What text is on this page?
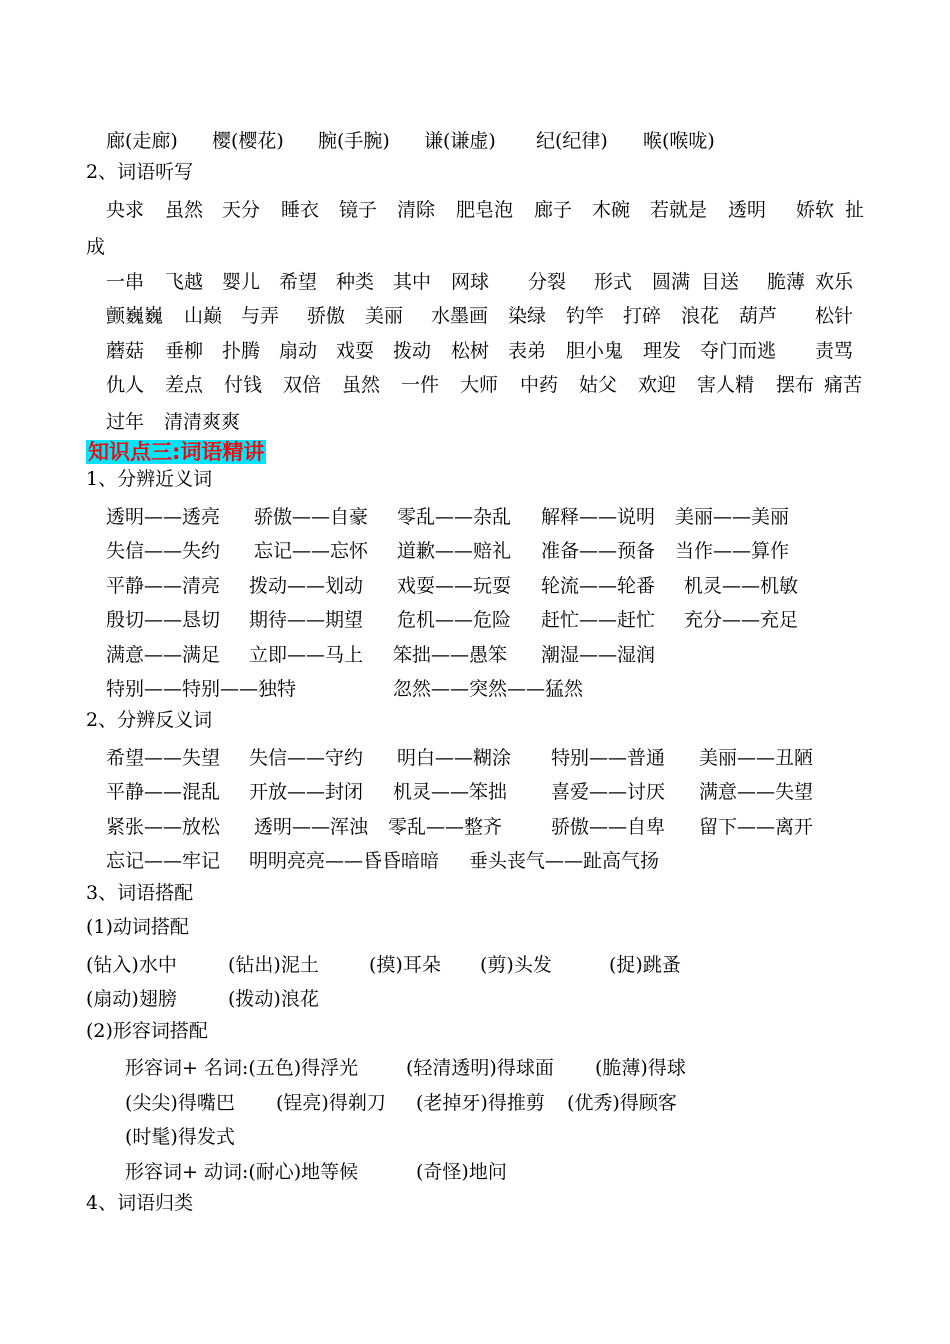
廊(走廊) 樱(樱花) 腕(手腕) 谦(谦虚) 纪(纪律) 喉(喉咙)
2、词语听写
央求 虽然 天分 睡衣 镜子 清除 肥皂泡 廊子 木碗 若就是 透明 娇软 扯
成
一串 飞越 婴儿 希望 种类 其中 网球 分裂 形式 圆满 目送 脆薄 欢乐
颤巍巍 山巅 与弄 骄傲 美丽 水墨画 染绿 钓竿 打碎 浪花 葫芦 松针
蘑菇 垂柳 扑腾 扇动 戏耍 拨动 松树 表弟 胆小鬼 理发 夺门而逃 责骂
仇人 差点 付钱 双倍 虽然 一件 大师 中药 姑父 欢迎 害人精 摆布 痛苦
过年 清清爽爽
知识点三:词语精讲
1、分辨近义词
透明——透亮 骄傲——自豪 零乱——杂乱 解释——说明 美丽——美丽
失信——失约 忘记——忘怀 道歉——赔礼 准备——预备 当作——算作
平静——清亮 拨动——划动 戏耍——玩耍 轮流——轮番 机灵——机敏
殷切——恳切 期待——期望 危机——危险 赶忙——赶忙 充分——充足
满意——满足 立即——马上 笨拙——愚笨 潮湿——湿润
特别——特别——独特	忽然——突然——猛然
2、分辨反义词
希望——失望 失信——守约 明白——糊涂 特别——普通 美丽——丑陋
平静——混乱 开放——封闭 机灵——笨拙 喜爱——讨厌 满意——失望
紧张——放松 透明——浑浊 零乱——整齐	骄傲——自卑 留下——离开
忘记——牢记 明明亮亮——昏昏暗暗 垂头丧气——趾高气扬
3、词语搭配
(1)动词搭配
(钻入)水中	(钻出)泥土	(摸)耳朵 (剪)头发	(捉)跳蚤
(扇动)翅膀	(拨动)浪花
(2)形容词搭配
形容词+ 名词:(五色)得浮光	(轻清透明)得球面 (脆薄)得球
(尖尖)得嘴巴 (锃亮)得剃刀 (老掉牙)得推剪 (优秀)得顾客
(时髦)得发式
形容词+ 动词:(耐心)地等候	(奇怪)地问
4、词语归类
